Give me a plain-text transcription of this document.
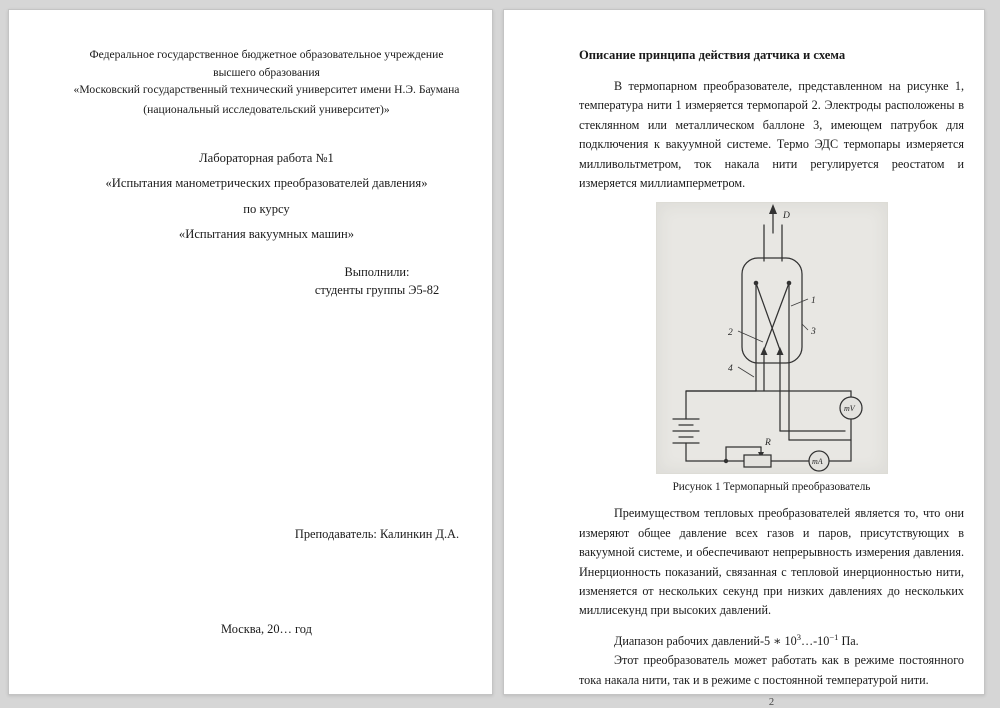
Федеральное государственное бюджетное образовательное учреждение высшего образования
«Московский государственный технический университет имени Н.Э. Баумана
(национальный исследовательский университет)»
Лабораторная работа №1
«Испытания манометрических преобразователей давления»
по курсу
«Испытания вакуумных машин»
Выполнили:
студенты группы Э5-82
Преподаватель: Калинкин Д.А.
Москва, 20… год
Описание принципа действия датчика и схема

В термопарном преобразователе, представленном на рисунке 1, температура нити 1 измеряется термопарой 2. Электроды расположены в стеклянном или металлическом баллоне 3, имеющем патрубок для подключения к вакуумной системе. Термо ЭДС термопары измеряется милливольтметром, ток накала нити регулируется реостатом и измеряется миллиамперметром.

D
1
2	3
4
R
mV
mA
Рисунок 1 Термопарный преобразователь

Преимуществом тепловых преобразователей является то, что они измеряют общее давление всех газов и паров, присутствующих в вакуумной системе, и обеспечивают непрерывность измерения давления. Инерционность показаний, связанная с тепловой инерционностью нити, изменяется от нескольких секунд при низких давлениях до нескольких миллисекунд при высоких давлений.

Диапазон рабочих давлений-5 ∗ $10^3\dots-10^{-1}$ Па.

Этот преобразователь может работать как в режиме постоянного тока накала нити, так и в режиме с постоянной температурой нити.

2
